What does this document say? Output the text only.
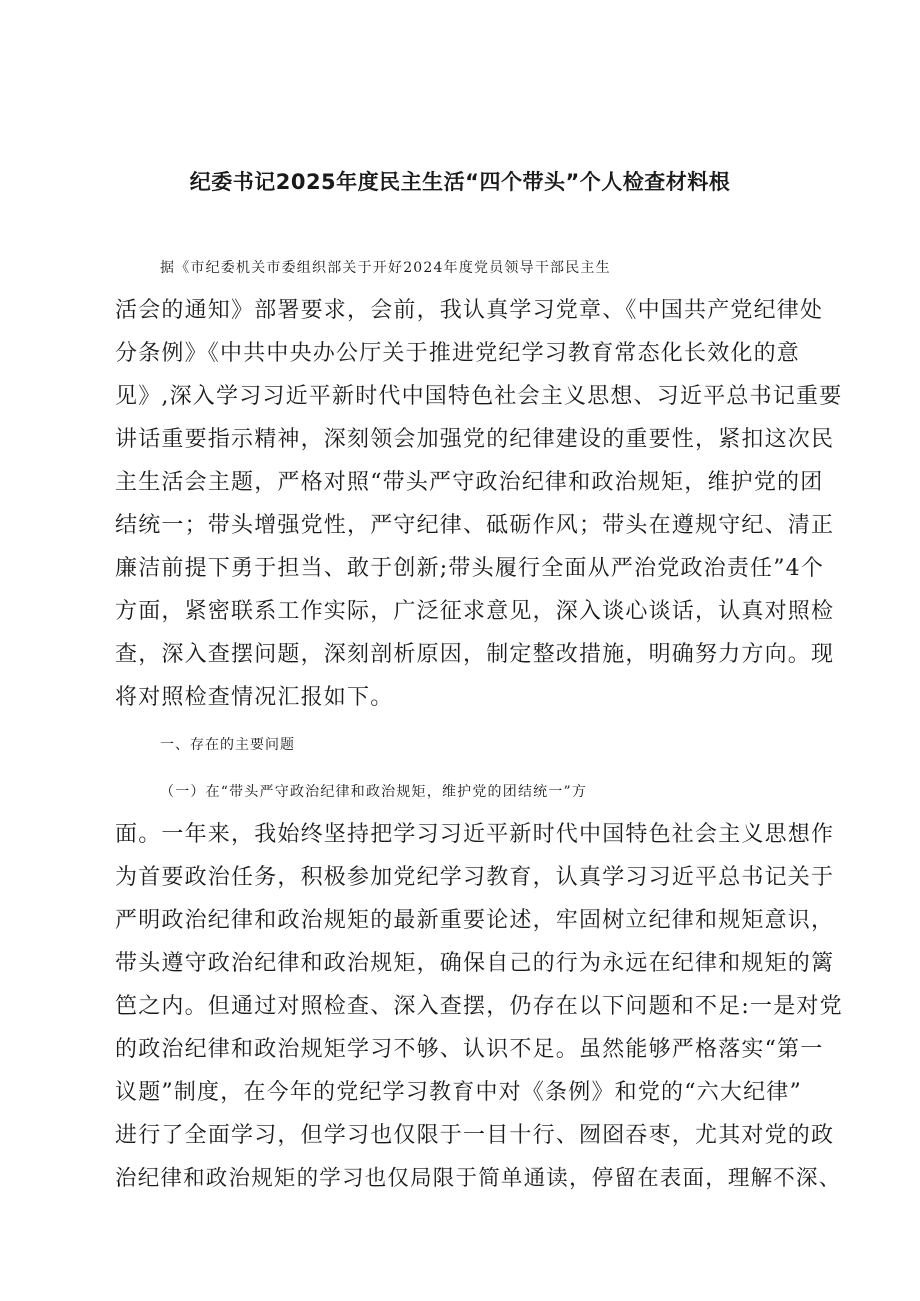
纪委书记2025年度民主生活“四个带头”个人检查材料根
据《市纪委机关市委组织部关于开好2024年度党员领导干部民主生
活会的通知》部署要求，会前，我认真学习党章、《中国共产党纪律处
分条例》《中共中央办公厅关于推进党纪学习教育常态化长效化的意
见》,深入学习习近平新时代中国特色社会主义思想、习近平总书记重要
讲话重要指示精神，深刻领会加强党的纪律建设的重要性，紧扣这次民
主生活会主题，严格对照“带头严守政治纪律和政治规矩，维护党的团
结统一；带头增强党性，严守纪律、砥砺作风；带头在遵规守纪、清正
廉洁前提下勇于担当、敢于创新;带头履行全面从严治党政治责任”4个
方面，紧密联系工作实际，广泛征求意见，深入谈心谈话，认真对照检
查，深入查摆问题，深刻剖析原因，制定整改措施，明确努力方向。现
将对照检查情况汇报如下。
一、存在的主要问题
（一）在“带头严守政治纪律和政治规矩，维护党的团结统一”方
面。一年来，我始终坚持把学习习近平新时代中国特色社会主义思想作
为首要政治任务，积极参加党纪学习教育，认真学习习近平总书记关于
严明政治纪律和政治规矩的最新重要论述，牢固树立纪律和规矩意识，
带头遵守政治纪律和政治规矩，确保自己的行为永远在纪律和规矩的篱
笆之内。但通过对照检查、深入查摆，仍存在以下问题和不足:一是对党
的政治纪律和政治规矩学习不够、认识不足。虽然能够严格落实“第一
议题”制度，在今年的党纪学习教育中对《条例》和党的“六大纪律”
进行了全面学习，但学习也仅限于一目十行、囫囵吞枣，尤其对党的政
治纪律和政治规矩的学习也仅局限于简单通读，停留在表面，理解不深、
